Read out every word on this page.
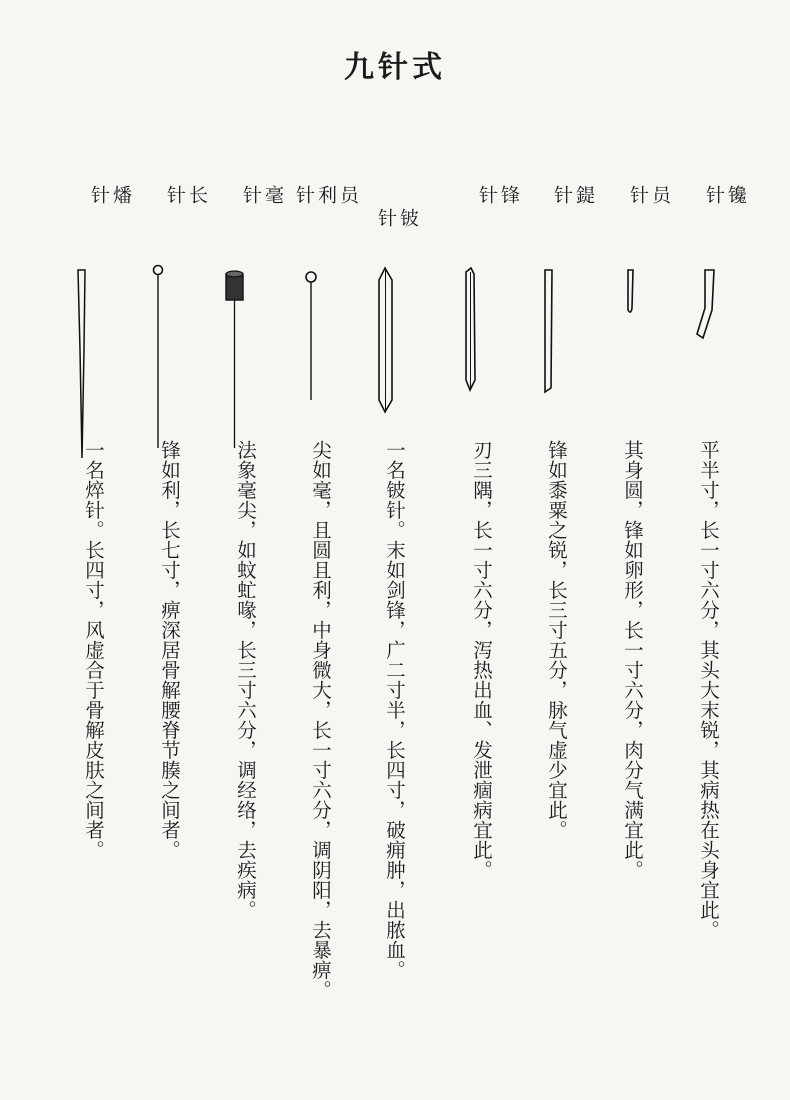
九针式
镵针
平半寸，长一寸六分，其头大末锐，其病热在头身宜此。
员针
其身圆，锋如卵形，长一寸六分，肉分气满宜此。
鍉针
锋如黍粟之锐，长三寸五分，脉气虚少宜此。
锋针
刃三隅，长一寸六分，泻热出血、发泄痼病宜此。
铍针
一名铍针。末如剑锋，广二寸半，长四寸，破痈肿，出脓血。
员利针
尖如毫，且圆且利，中身微大，长一寸六分，调阴阳，去暴痹。
毫针
法象毫尖，如蚊虻喙，长三寸六分，调经络，去疾病。
长针
锋如利，长七寸，痹深居骨解腰脊节腠之间者。
燔针
一名焠针。长四寸，风虚合于骨解皮肤之间者。
